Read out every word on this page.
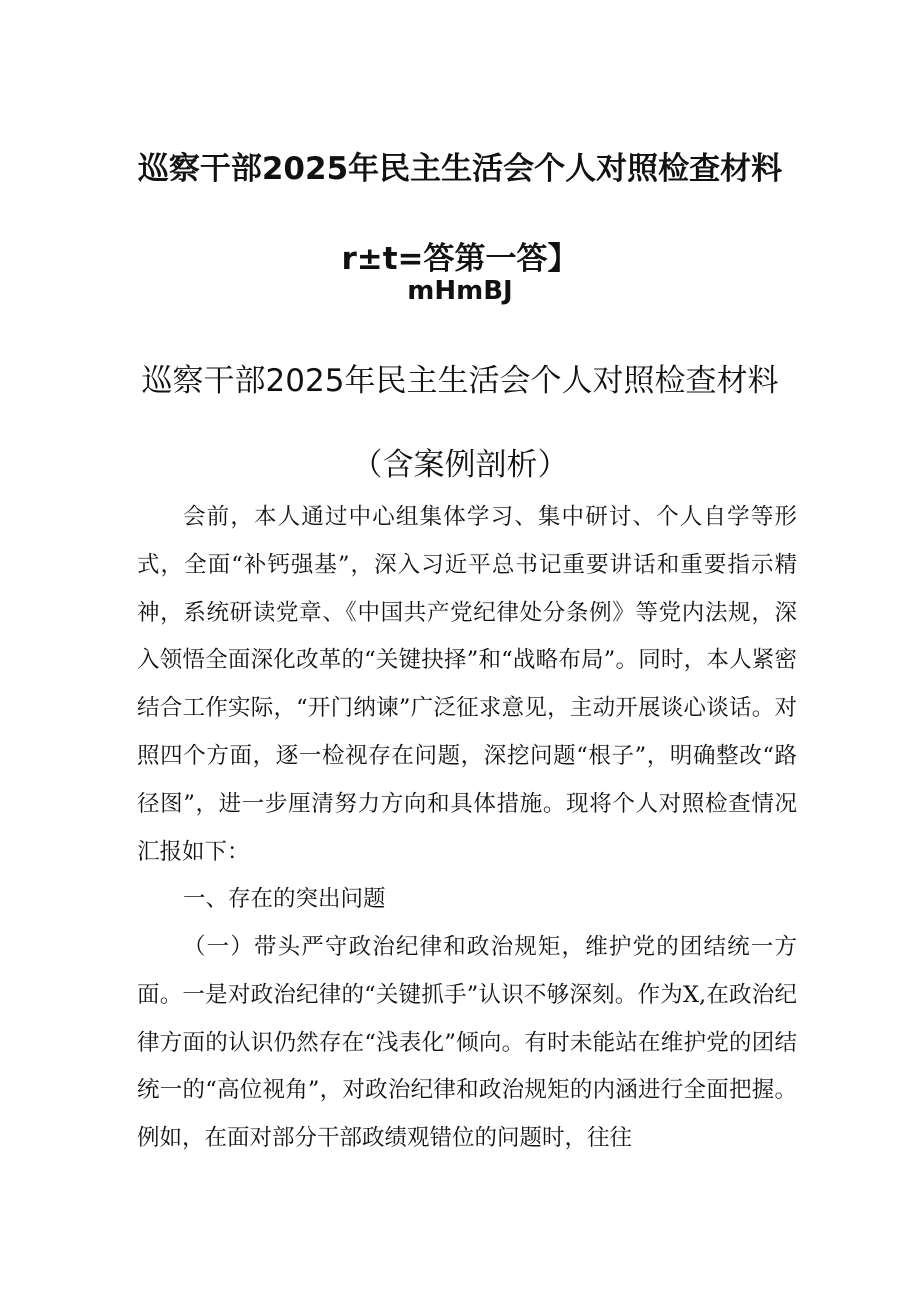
巡察干部2025年民主生活会个人对照检查材料
r±t=答第一答】
mHmBJ
巡察干部2025年民主生活会个人对照检查材料
（含案例剖析）

会前，本人通过中心组集体学习、集中研讨、个人自学等形式，全面“补钙强基”，深入习近平总书记重要讲话和重要指示精神，系统研读党章、《中国共产党纪律处分条例》等党内法规，深入领悟全面深化改革的“关键抉择”和“战略布局”。同时，本人紧密结合工作实际，“开门纳谏”广泛征求意见，主动开展谈心谈话。对照四个方面，逐一检视存在问题，深挖问题“根子”，明确整改“路径图”，进一步厘清努力方向和具体措施。现将个人对照检查情况汇报如下：

一、存在的突出问题

（一）带头严守政治纪律和政治规矩，维护党的团结统一方面。一是对政治纪律的“关键抓手”认识不够深刻。作为X,在政治纪律方面的认识仍然存在“浅表化”倾向。有时未能站在维护党的团结统一的“高位视角”，对政治纪律和政治规矩的内涵进行全面把握。例如，在面对部分干部政绩观错位的问题时，往往
